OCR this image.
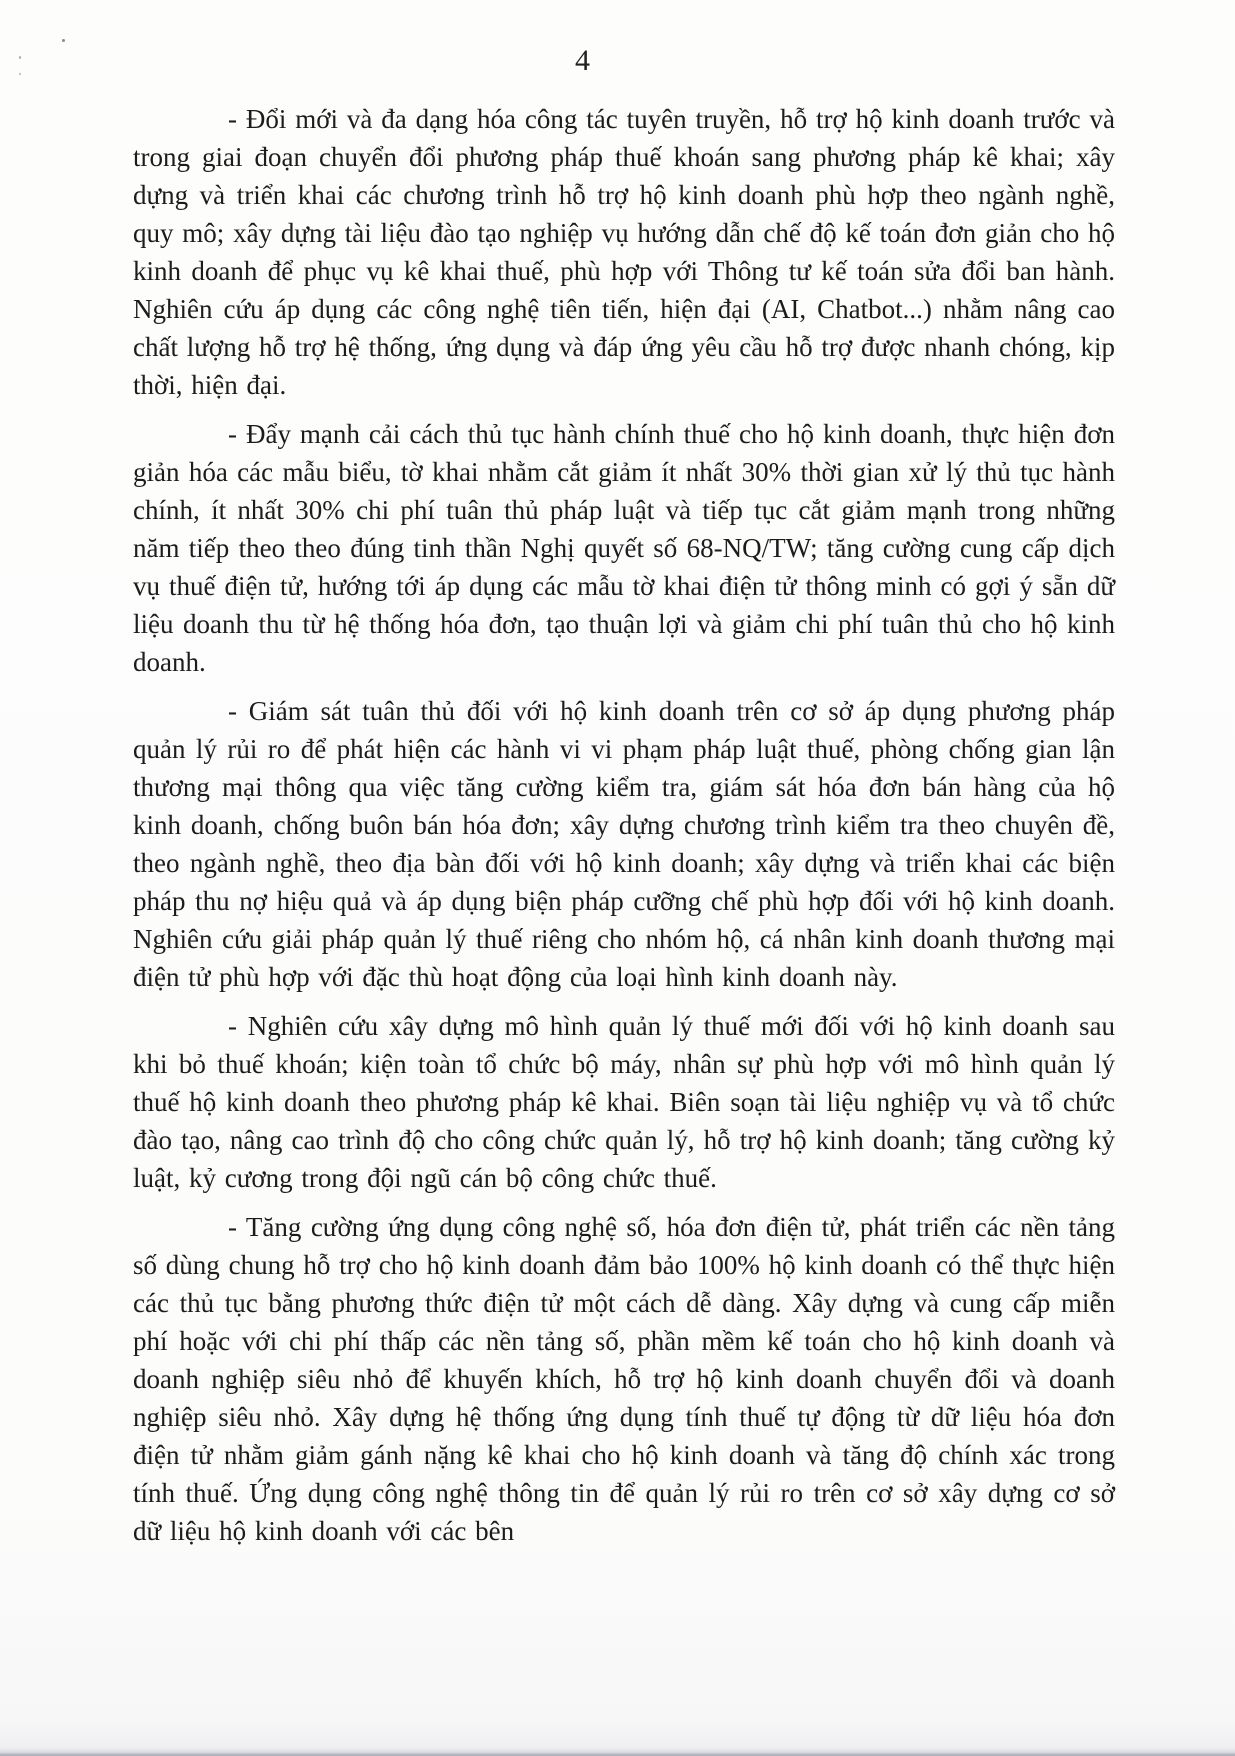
4

- Đổi mới và đa dạng hóa công tác tuyên truyền, hỗ trợ hộ kinh doanh trước và trong giai đoạn chuyển đổi phương pháp thuế khoán sang phương pháp kê khai; xây dựng và triển khai các chương trình hỗ trợ hộ kinh doanh phù hợp theo ngành nghề, quy mô; xây dựng tài liệu đào tạo nghiệp vụ hướng dẫn chế độ kế toán đơn giản cho hộ kinh doanh để phục vụ kê khai thuế, phù hợp với Thông tư kế toán sửa đổi ban hành. Nghiên cứu áp dụng các công nghệ tiên tiến, hiện đại (AI, Chatbot...) nhằm nâng cao chất lượng hỗ trợ hệ thống, ứng dụng và đáp ứng yêu cầu hỗ trợ được nhanh chóng, kịp thời, hiện đại.

- Đẩy mạnh cải cách thủ tục hành chính thuế cho hộ kinh doanh, thực hiện đơn giản hóa các mẫu biểu, tờ khai nhằm cắt giảm ít nhất 30% thời gian xử lý thủ tục hành chính, ít nhất 30% chi phí tuân thủ pháp luật và tiếp tục cắt giảm mạnh trong những năm tiếp theo theo đúng tinh thần Nghị quyết số 68-NQ/TW; tăng cường cung cấp dịch vụ thuế điện tử, hướng tới áp dụng các mẫu tờ khai điện tử thông minh có gợi ý sẵn dữ liệu doanh thu từ hệ thống hóa đơn, tạo thuận lợi và giảm chi phí tuân thủ cho hộ kinh doanh.

- Giám sát tuân thủ đối với hộ kinh doanh trên cơ sở áp dụng phương pháp quản lý rủi ro để phát hiện các hành vi vi phạm pháp luật thuế, phòng chống gian lận thương mại thông qua việc tăng cường kiểm tra, giám sát hóa đơn bán hàng của hộ kinh doanh, chống buôn bán hóa đơn; xây dựng chương trình kiểm tra theo chuyên đề, theo ngành nghề, theo địa bàn đối với hộ kinh doanh; xây dựng và triển khai các biện pháp thu nợ hiệu quả và áp dụng biện pháp cưỡng chế phù hợp đối với hộ kinh doanh. Nghiên cứu giải pháp quản lý thuế riêng cho nhóm hộ, cá nhân kinh doanh thương mại điện tử phù hợp với đặc thù hoạt động của loại hình kinh doanh này.

- Nghiên cứu xây dựng mô hình quản lý thuế mới đối với hộ kinh doanh sau khi bỏ thuế khoán; kiện toàn tổ chức bộ máy, nhân sự phù hợp với mô hình quản lý thuế hộ kinh doanh theo phương pháp kê khai. Biên soạn tài liệu nghiệp vụ và tổ chức đào tạo, nâng cao trình độ cho công chức quản lý, hỗ trợ hộ kinh doanh; tăng cường kỷ luật, kỷ cương trong đội ngũ cán bộ công chức thuế.

- Tăng cường ứng dụng công nghệ số, hóa đơn điện tử, phát triển các nền tảng số dùng chung hỗ trợ cho hộ kinh doanh đảm bảo 100% hộ kinh doanh có thể thực hiện các thủ tục bằng phương thức điện tử một cách dễ dàng. Xây dựng và cung cấp miễn phí hoặc với chi phí thấp các nền tảng số, phần mềm kế toán cho hộ kinh doanh và doanh nghiệp siêu nhỏ để khuyến khích, hỗ trợ hộ kinh doanh chuyển đổi và doanh nghiệp siêu nhỏ. Xây dựng hệ thống ứng dụng tính thuế tự động từ dữ liệu hóa đơn điện tử nhằm giảm gánh nặng kê khai cho hộ kinh doanh và tăng độ chính xác trong tính thuế. Ứng dụng công nghệ thông tin để quản lý rủi ro trên cơ sở xây dựng cơ sở dữ liệu hộ kinh doanh với các bên
